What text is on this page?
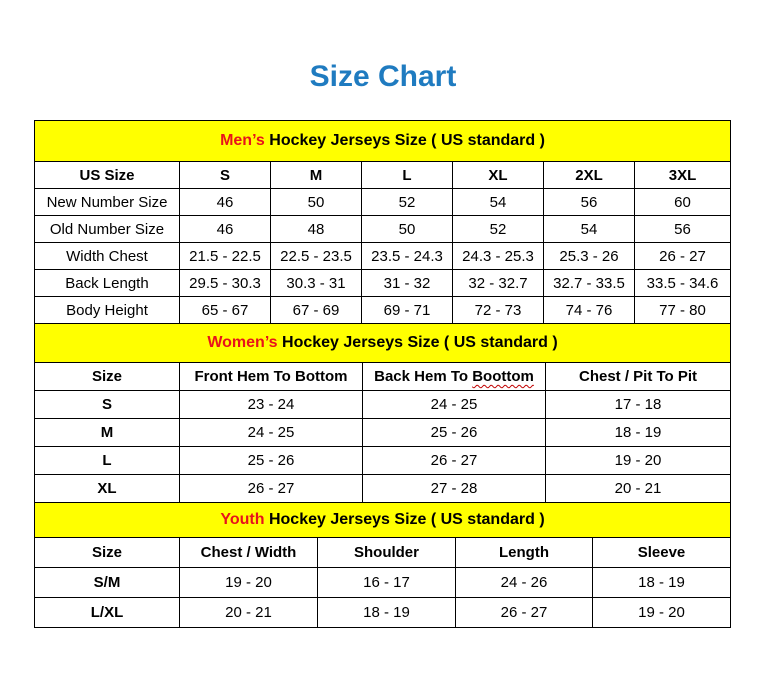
Size Chart
Men’s Hockey Jerseys Size ( US standard )						
US Size	S	M	L	XL	2XL	3XL
New Number Size	46	50	52	54	56	60
Old Number Size	46	48	50	52	54	56
Width Chest	21.5 - 22.5	22.5 - 23.5	23.5 - 24.3	24.3 - 25.3	25.3 - 26	26 - 27
Back Length	29.5 - 30.3	30.3 - 31	31 - 32	32 - 32.7	32.7 - 33.5	33.5 - 34.6
Body Height	65 - 67	67 - 69	69 - 71	72 - 73	74 - 76	77 - 80
Women’s Hockey Jerseys Size ( US standard )			
Size	Front Hem To Bottom	Back Hem To Boottom	Chest / Pit To Pit
S	23 - 24	24 - 25	17 - 18
M	24 - 25	25 - 26	18 - 19
L	25 - 26	26 - 27	19 - 20
XL	26 - 27	27 - 28	20 - 21
Youth Hockey Jerseys Size ( US standard )				
Size	Chest / Width	Shoulder	Length	Sleeve
S/M	19 - 20	16 - 17	24 - 26	18 - 19
L/XL	20 - 21	18 - 19	26 - 27	19 - 20
